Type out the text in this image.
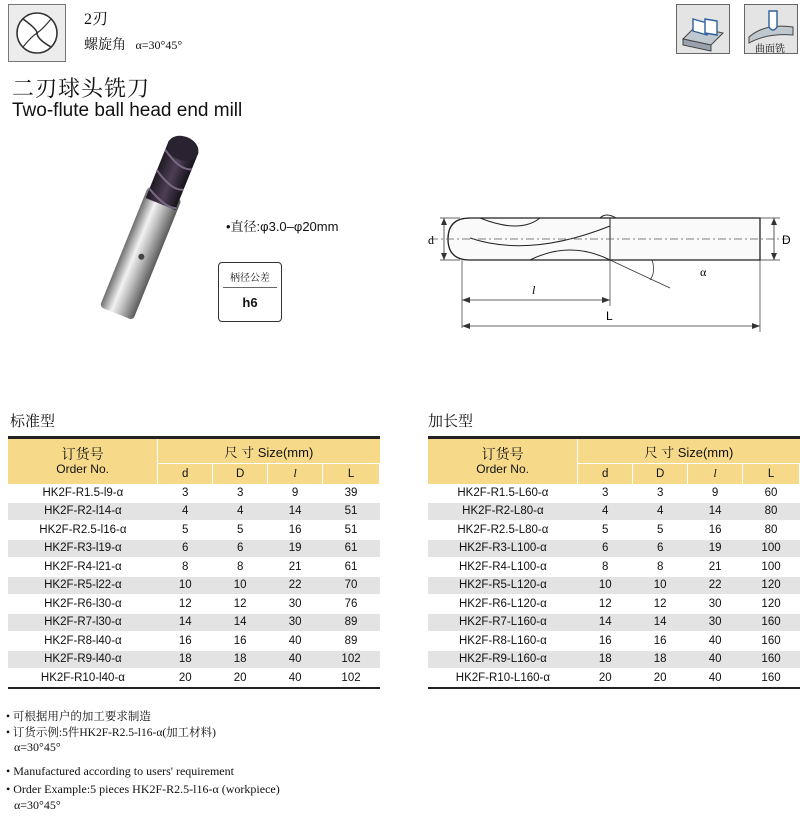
2刃
螺旋角 α=30°45°
二刃球头铣刀
Two-flute ball head end mill
曲面铣
•直径:φ3.0–φ20mm
柄径公差
h6
d	D
l
L
α
标准型	加长型
订货号
Order No.	尺 寸 Size(mm)			
	d	D	l	L
HK2F-R1.5-l9-α	3	3	9	39
HK2F-R2-l14-α	4	4	14	51
HK2F-R2.5-l16-α	5	5	16	51
HK2F-R3-l19-α	6	6	19	61
HK2F-R4-l21-α	8	8	21	61
HK2F-R5-l22-α	10	10	22	70
HK2F-R6-l30-α	12	12	30	76
HK2F-R7-l30-α	14	14	30	89
HK2F-R8-l40-α	16	16	40	89
HK2F-R9-l40-α	18	18	40	102
HK2F-R10-l40-α	20	20	40	102
订货号
Order No.	尺 寸 Size(mm)			
	d	D	l	L
HK2F-R1.5-L60-α	3	3	9	60
HK2F-R2-L80-α	4	4	14	80
HK2F-R2.5-L80-α	5	5	16	80
HK2F-R3-L100-α	6	6	19	100
HK2F-R4-L100-α	8	8	21	100
HK2F-R5-L120-α	10	10	22	120
HK2F-R6-L120-α	12	12	30	120
HK2F-R7-L160-α	14	14	30	160
HK2F-R8-L160-α	16	16	40	160
HK2F-R9-L160-α	18	18	40	160
HK2F-R10-L160-α	20	20	40	160
• 可根据用户的加工要求制造
• 订货示例:5件HK2F-R2.5-l16-α(加工材料)
α=30°45°
• Manufactured according to users' requirement
• Order Example:5 pieces HK2F-R2.5-l16-α (workpiece)
α=30°45°
